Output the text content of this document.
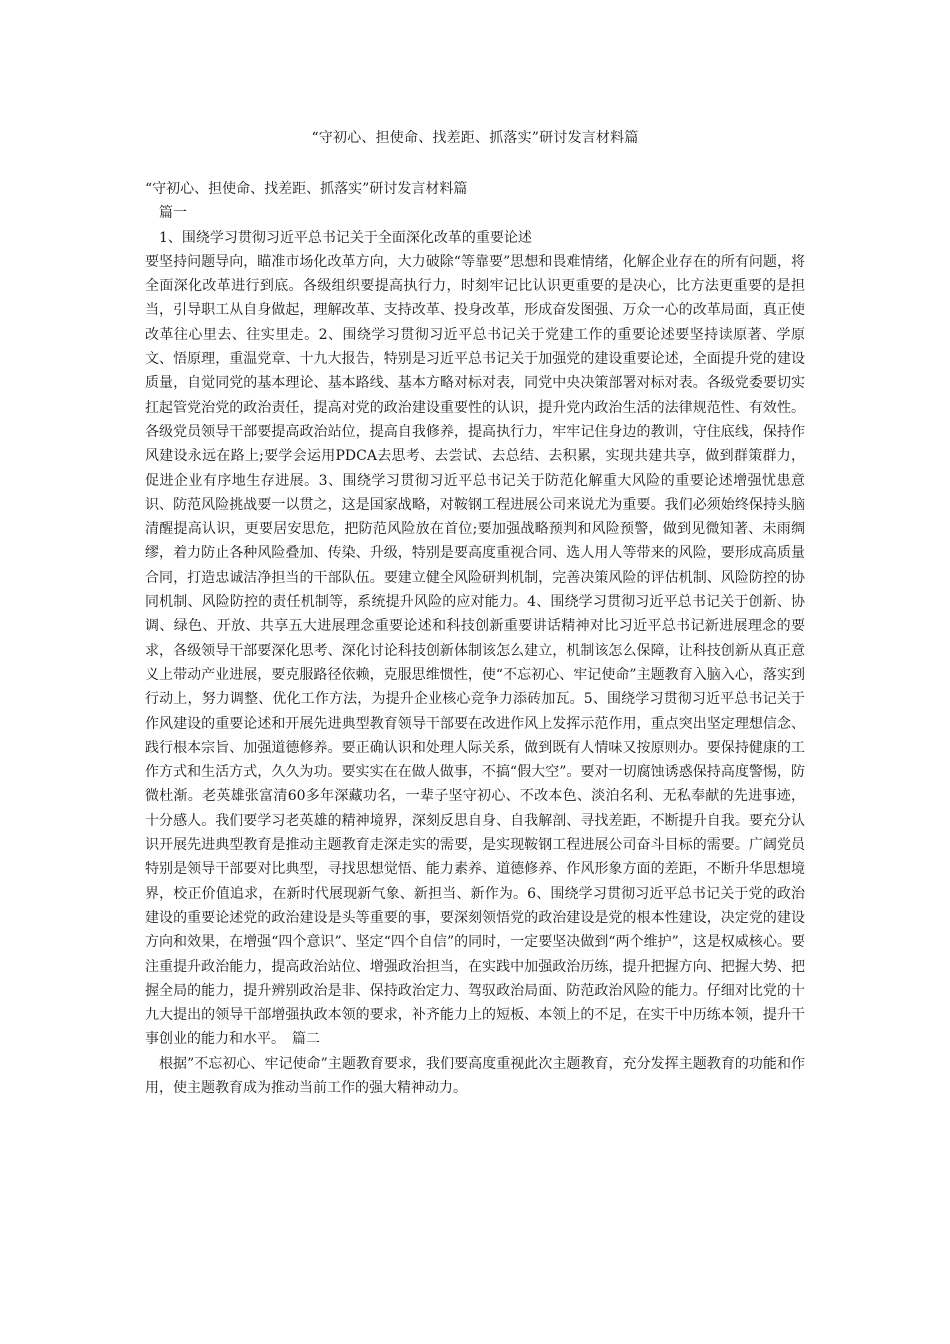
“守初心、担使命、找差距、抓落实”研讨发言材料篇

“守初心、担使命、找差距、抓落实”研讨发言材料篇

篇一

1、围绕学习贯彻习近平总书记关于全面深化改革的重要论述

要坚持问题导向，瞄准市场化改革方向，大力破除“等靠要”思想和畏难情绪，化解企业存在的所有问题，将全面深化改革进行到底。各级组织要提高执行力，时刻牢记比认识更重要的是决心，比方法更重要的是担当，引导职工从自身做起，理解改革、支持改革、投身改革，形成奋发图强、万众一心的改革局面，真正使改革往心里去、往实里走。2、围绕学习贯彻习近平总书记关于党建工作的重要论述要坚持读原著、学原文、悟原理，重温党章、十九大报告，特别是习近平总书记关于加强党的建设重要论述，全面提升党的建设质量，自觉同党的基本理论、基本路线、基本方略对标对表，同党中央决策部署对标对表。各级党委要切实扛起管党治党的政治责任，提高对党的政治建设重要性的认识，提升党内政治生活的法律规范性、有效性。各级党员领导干部要提高政治站位，提高自我修养，提高执行力，牢牢记住身边的教训，守住底线，保持作风建设永远在路上;要学会运用PDCA去思考、去尝试、去总结、去积累，实现共建共享，做到群策群力，促进企业有序地生存进展。3、围绕学习贯彻习近平总书记关于防范化解重大风险的重要论述增强忧患意识、防范风险挑战要一以贯之，这是国家战略，对鞍钢工程进展公司来说尤为重要。我们必须始终保持头脑清醒提高认识，更要居安思危，把防范风险放在首位;要加强战略预判和风险预警，做到见微知著、未雨绸缪，着力防止各种风险叠加、传染、升级，特别是要高度重视合同、选人用人等带来的风险，要形成高质量合同，打造忠诚洁净担当的干部队伍。要建立健全风险研判机制，完善决策风险的评估机制、风险防控的协同机制、风险防控的责任机制等，系统提升风险的应对能力。4、围绕学习贯彻习近平总书记关于创新、协调、绿色、开放、共享五大进展理念重要论述和科技创新重要讲话精神对比习近平总书记新进展理念的要求，各级领导干部要深化思考、深化讨论科技创新体制该怎么建立，机制该怎么保障，让科技创新从真正意义上带动产业进展，要克服路径依赖，克服思维惯性，使“不忘初心、牢记使命”主题教育入脑入心，落实到行动上，努力调整、优化工作方法，为提升企业核心竞争力添砖加瓦。5、围绕学习贯彻习近平总书记关于作风建设的重要论述和开展先进典型教育领导干部要在改进作风上发挥示范作用，重点突出坚定理想信念、践行根本宗旨、加强道德修养。要正确认识和处理人际关系，做到既有人情味又按原则办。要保持健康的工作方式和生活方式，久久为功。要实实在在做人做事，不搞“假大空”。要对一切腐蚀诱惑保持高度警惕，防微杜渐。老英雄张富清60多年深藏功名，一辈子坚守初心、不改本色、淡泊名利、无私奉献的先进事迹，十分感人。我们要学习老英雄的精神境界，深刻反思自身、自我解剖、寻找差距，不断提升自我。要充分认识开展先进典型教育是推动主题教育走深走实的需要，是实现鞍钢工程进展公司奋斗目标的需要。广阔党员特别是领导干部要对比典型，寻找思想觉悟、能力素养、道德修养、作风形象方面的差距，不断升华思想境界，校正价值追求，在新时代展现新气象、新担当、新作为。6、围绕学习贯彻习近平总书记关于党的政治建设的重要论述党的政治建设是头等重要的事，要深刻领悟党的政治建设是党的根本性建设，决定党的建设方向和效果，在增强“四个意识”、坚定“四个自信”的同时，一定要坚决做到“两个维护”，这是权威核心。要注重提升政治能力，提高政治站位、增强政治担当，在实践中加强政治历练，提升把握方向、把握大势、把握全局的能力，提升辨别政治是非、保持政治定力、驾驭政治局面、防范政治风险的能力。仔细对比党的十九大提出的领导干部增强执政本领的要求，补齐能力上的短板、本领上的不足，在实干中历练本领，提升干事创业的能力和水平。　篇二

根据”不忘初心、牢记使命”主题教育要求，我们要高度重视此次主题教育，充分发挥主题教育的功能和作用，使主题教育成为推动当前工作的强大精神动力。
